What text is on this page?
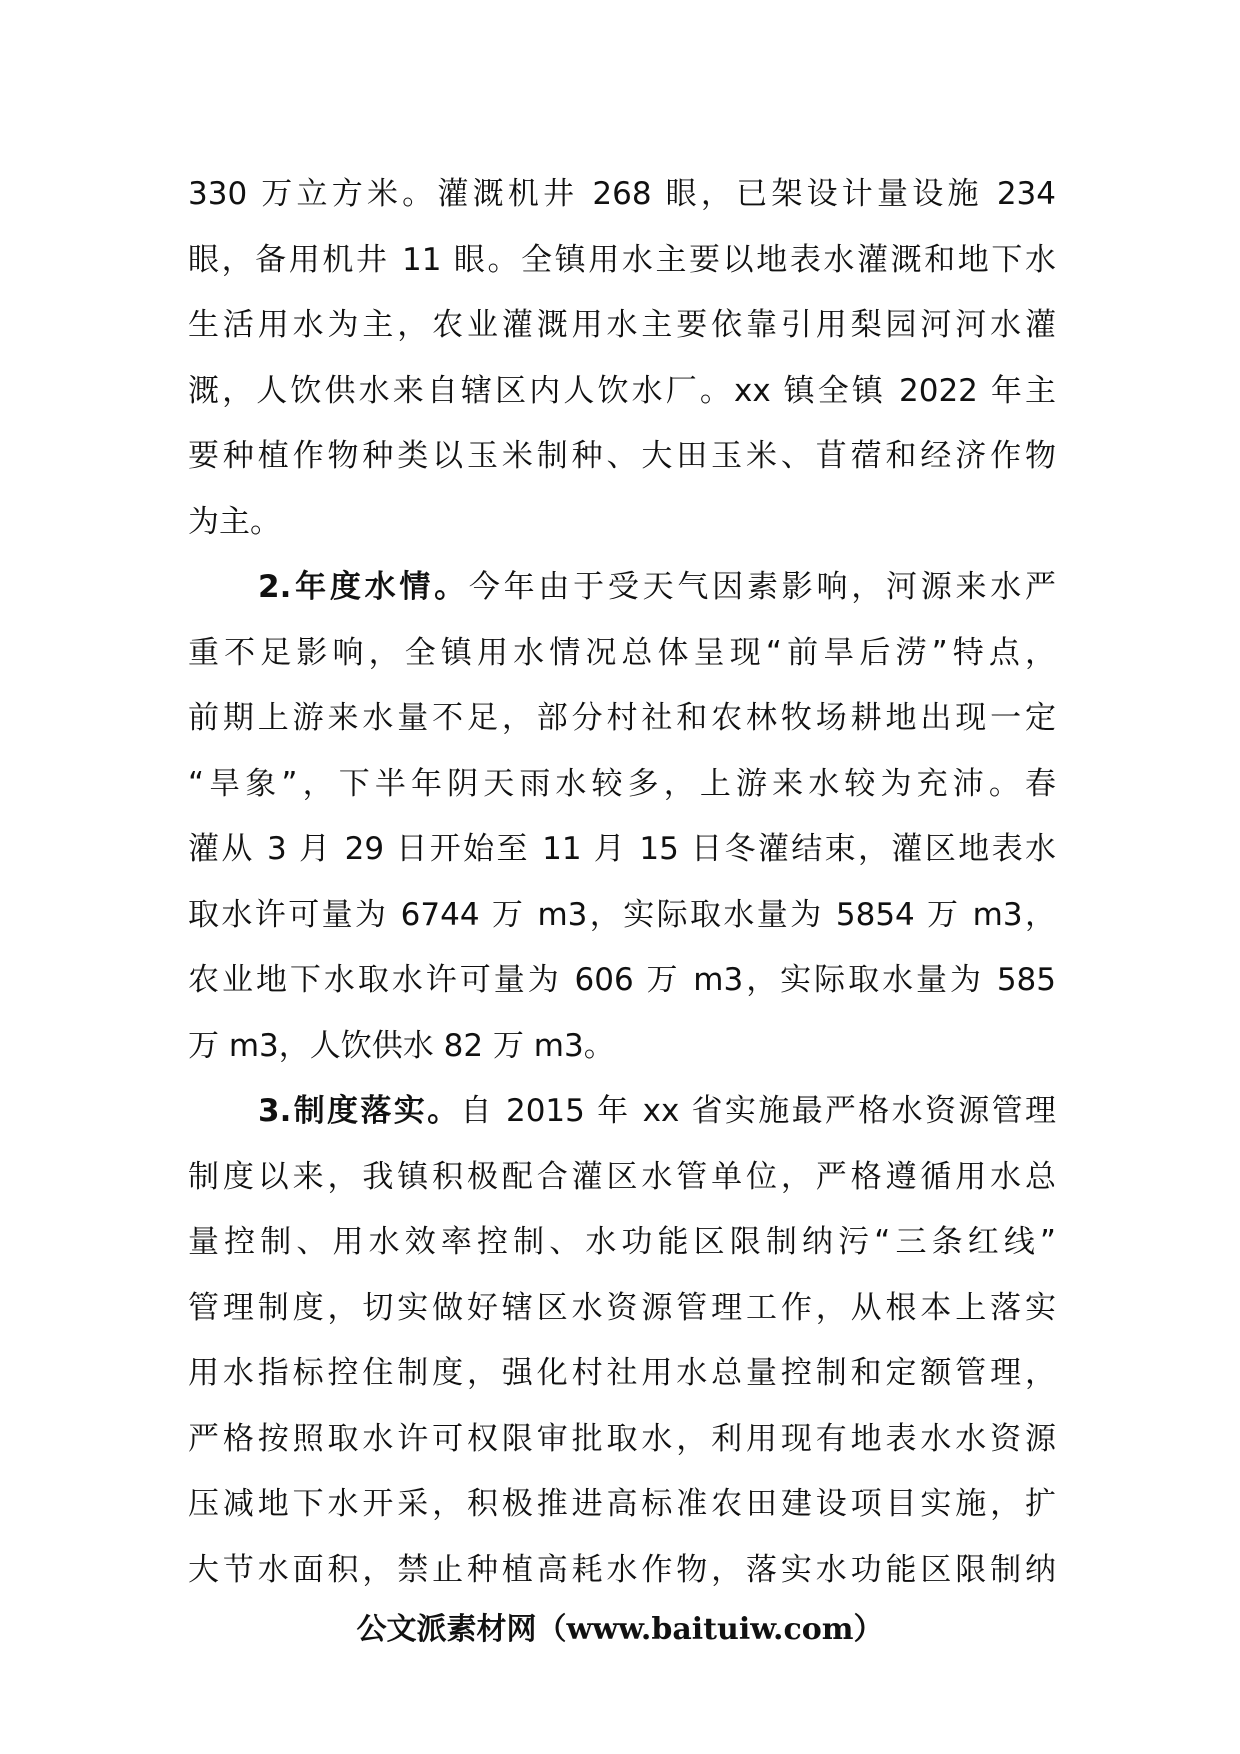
330 万立方米。灌溉机井 268 眼，已架设计量设施 234
眼，备用机井 11 眼。全镇用水主要以地表水灌溉和地下水
生活用水为主，农业灌溉用水主要依靠引用梨园河河水灌
溉，人饮供水来自辖区内人饮水厂。xx 镇全镇 2022 年主
要种植作物种类以玉米制种、大田玉米、苜蓿和经济作物
为主。
2.年度水情。今年由于受天气因素影响，河源来水严
重不足影响，全镇用水情况总体呈现“前旱后涝”特点，
前期上游来水量不足，部分村社和农林牧场耕地出现一定
“旱象”，下半年阴天雨水较多，上游来水较为充沛。春
灌从 3 月 29 日开始至 11 月 15 日冬灌结束，灌区地表水
取水许可量为 6744 万 m3，实际取水量为 5854 万 m3，
农业地下水取水许可量为 606 万 m3，实际取水量为 585
万 m3，人饮供水 82 万 m3。
3.制度落实。自 2015 年 xx 省实施最严格水资源管理
制度以来，我镇积极配合灌区水管单位，严格遵循用水总
量控制、用水效率控制、水功能区限制纳污“三条红线”
管理制度，切实做好辖区水资源管理工作，从根本上落实
用水指标控住制度，强化村社用水总量控制和定额管理，
严格按照取水许可权限审批取水，利用现有地表水水资源
压减地下水开采，积极推进高标准农田建设项目实施，扩
大节水面积，禁止种植高耗水作物，落实水功能区限制纳
公文派素材网（www.baituiw.com）
